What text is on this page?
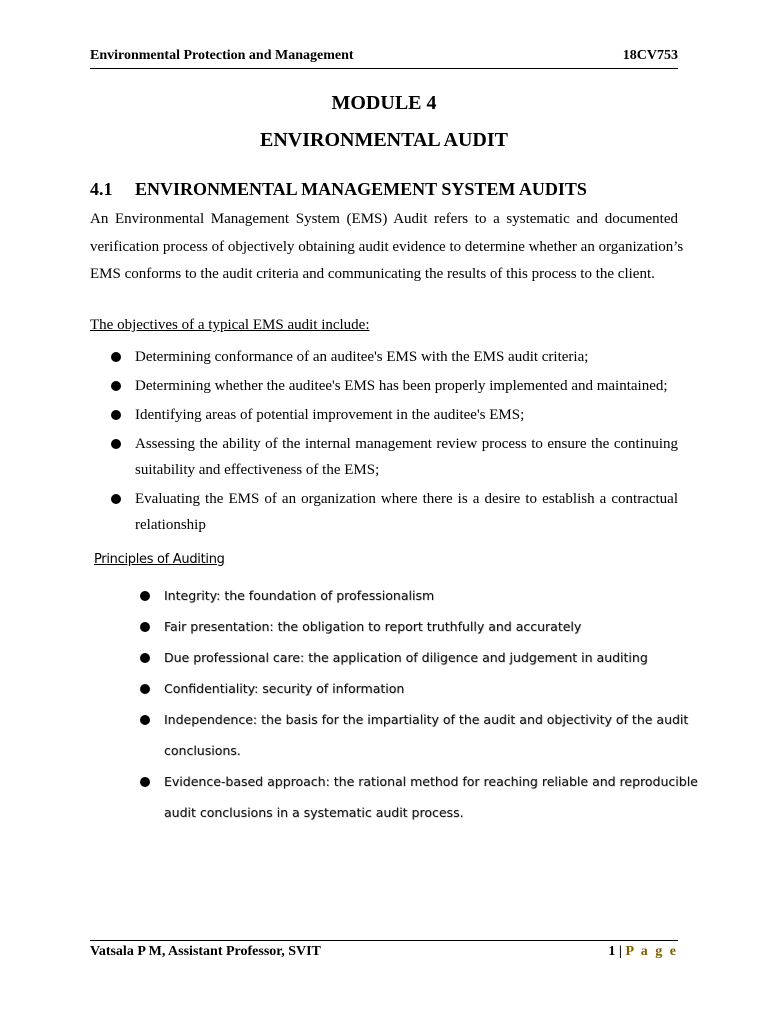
Environmental Protection and Management	18CV753
MODULE 4
ENVIRONMENTAL AUDIT
4.1 ENVIRONMENTAL MANAGEMENT SYSTEM AUDITS
An Environmental Management System (EMS) Audit refers to a systematic and documented
verification process of objectively obtaining audit evidence to determine whether an organization’s
EMS conforms to the audit criteria and communicating the results of this process to the client.
The objectives of a typical EMS audit include:
Determining conformance of an auditee's EMS with the EMS audit criteria;
Determining whether the auditee's EMS has been properly implemented and maintained;
Identifying areas of potential improvement in the auditee's EMS;
Assessing the ability of the internal management review process to ensure the continuing
suitability and effectiveness of the EMS;
Evaluating the EMS of an organization where there is a desire to establish a contractual
relationship
Principles of Auditing
Integrity: the foundation of professionalism
Fair presentation: the obligation to report truthfully and accurately
Due professional care: the application of diligence and judgement in auditing
Confidentiality: security of information
Independence: the basis for the impartiality of the audit and objectivity of the audit
conclusions.
Evidence-based approach: the rational method for reaching reliable and reproducible
audit conclusions in a systematic audit process.
Vatsala P M, Assistant Professor, SVIT	1 | P a g e
